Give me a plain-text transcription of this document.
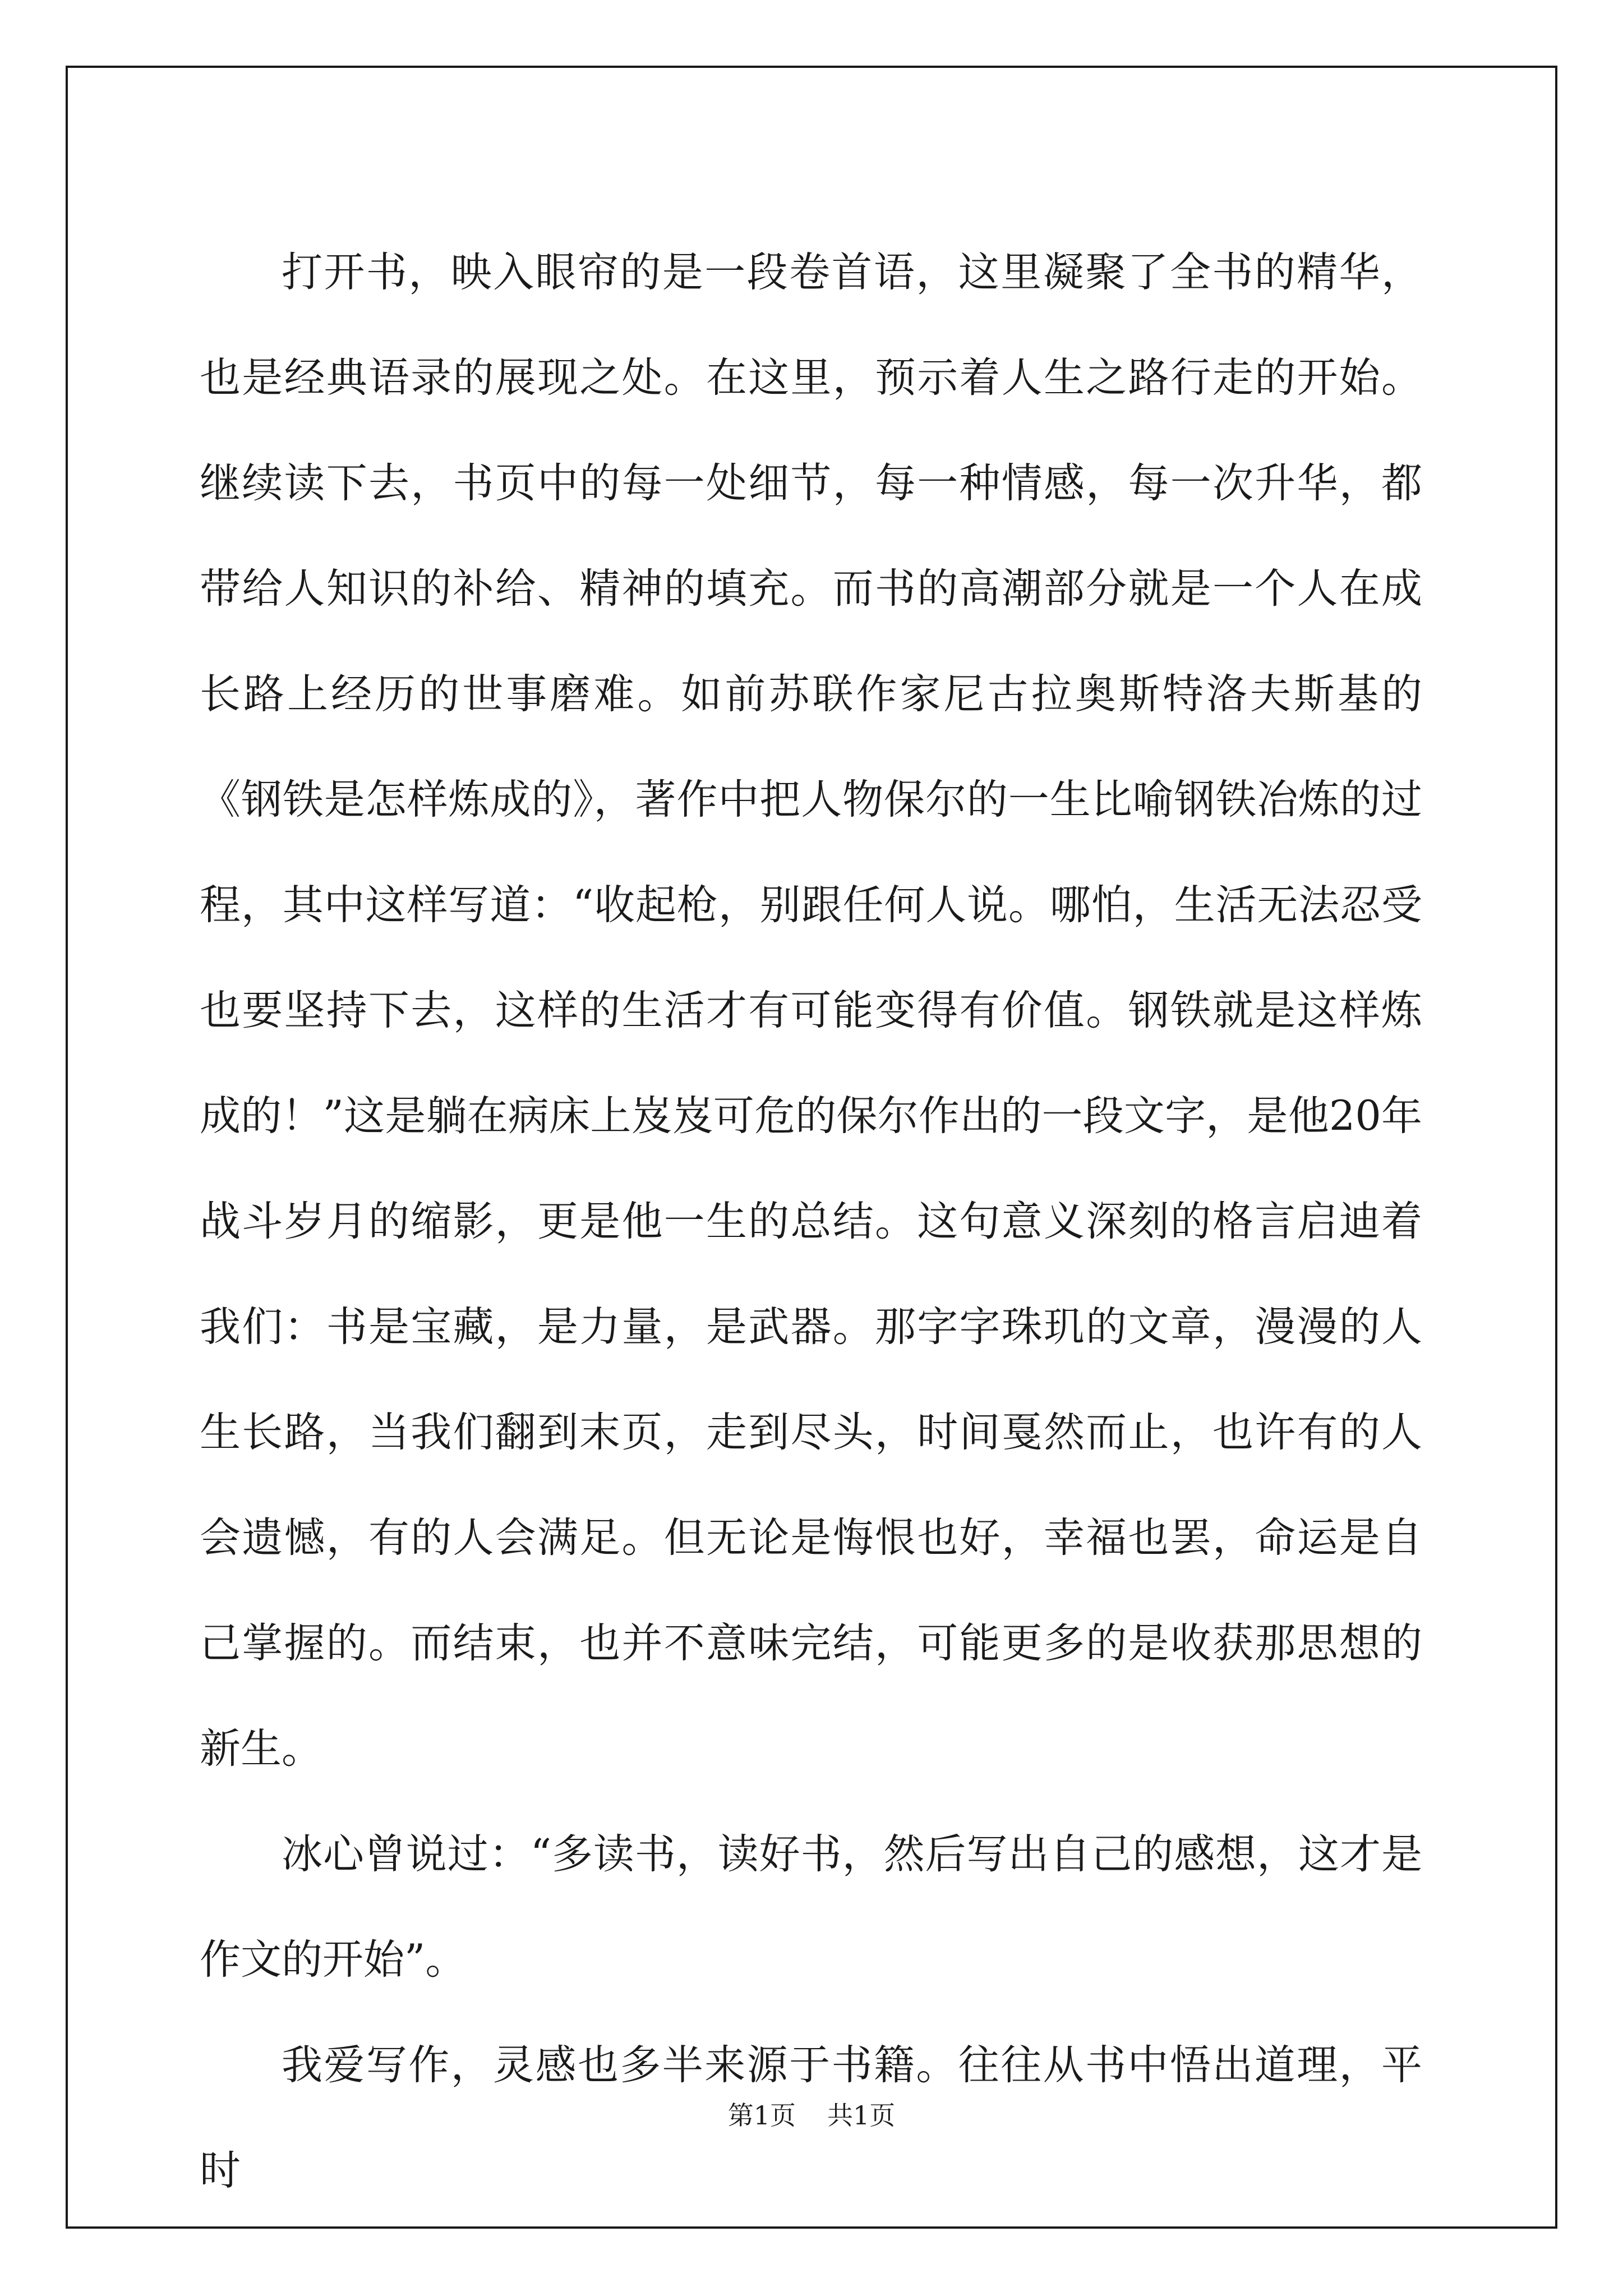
打开书，映入眼帘的是一段卷首语，这里凝聚了全书的精华，也是经典语录的展现之处。在这里，预示着人生之路行走的开始。继续读下去，书页中的每一处细节，每一种情感，每一次升华，都带给人知识的补给、精神的填充。而书的高潮部分就是一个人在成长路上经历的世事磨难。如前苏联作家尼古拉奥斯特洛夫斯基的《钢铁是怎样炼成的》，著作中把人物保尔的一生比喻钢铁冶炼的过程，其中这样写道：“收起枪，别跟任何人说。哪怕，生活无法忍受也要坚持下去，这样的生活才有可能变得有价值。钢铁就是这样炼成的！”这是躺在病床上岌岌可危的保尔作出的一段文字，是他20年战斗岁月的缩影，更是他一生的总结。这句意义深刻的格言启迪着我们：书是宝藏，是力量，是武器。那字字珠玑的文章，漫漫的人生长路，当我们翻到末页，走到尽头，时间戛然而止，也许有的人会遗憾，有的人会满足。但无论是悔恨也好，幸福也罢，命运是自己掌握的。而结束，也并不意味完结，可能更多的是收获那思想的新生。

冰心曾说过：“多读书，读好书，然后写出自己的感想，这才是作文的开始”。

我爱写作，灵感也多半来源于书籍。往往从书中悟出道理，平时

第1页 共1页
